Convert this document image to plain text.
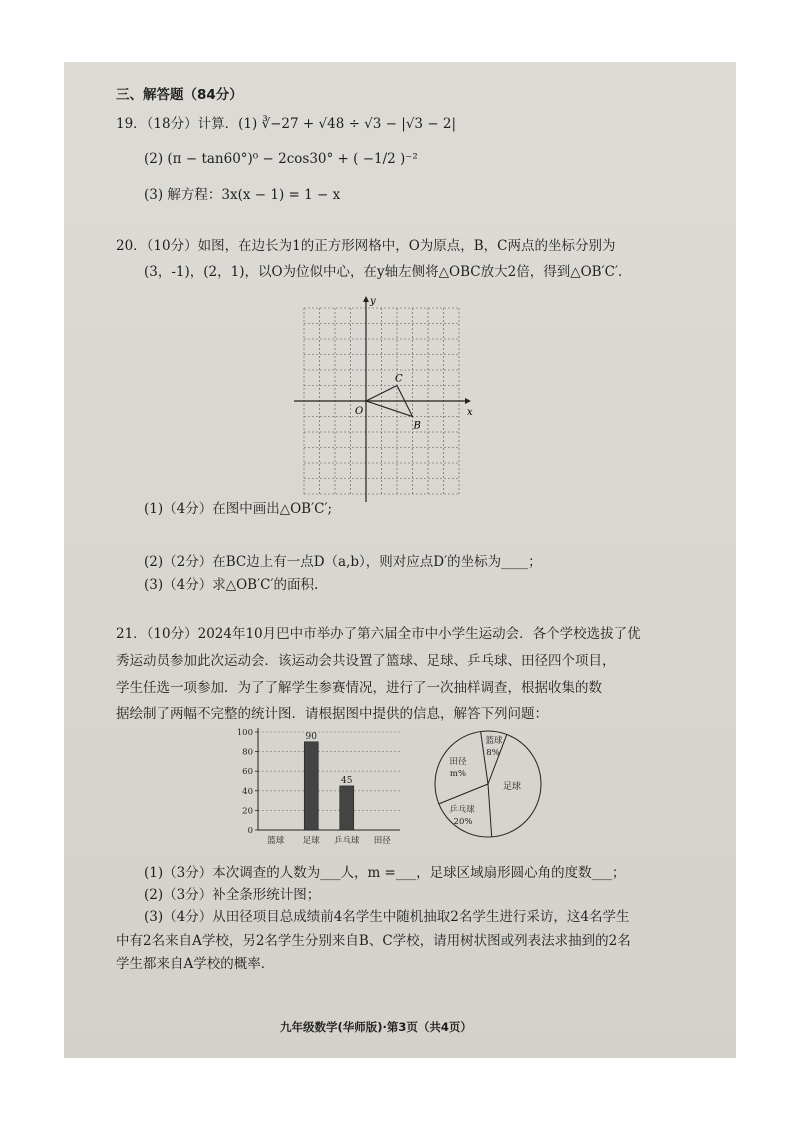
三、解答题（84分）
19．（18分）计算．(1) ∛−27 + √48 ÷ √3 − |√3 − 2|
(2) (π − tan60°)⁰ − 2cos30° + ( −1/2 )⁻²
(3) 解方程：3x(x − 1) = 1 − x
20．（10分）如图，在边长为1的正方形网格中，O为原点，B，C两点的坐标分别为
(3，-1)，(2，1)，以O为位似中心，在y轴左侧将△OBC放大2倍，得到△OB′C′.
x
y
O
B
C
(1)（4分）在图中画出△OB′C′;
(2)（2分）在BC边上有一点D（a,b），则对应点D′的坐标为____；
(3)（4分）求△OB′C′的面积.
21．（10分）2024年10月巴中市举办了第六届全市中小学生运动会．各个学校选拔了优
秀运动员参加此次运动会．该运动会共设置了篮球、足球、乒乓球、田径四个项目，
学生任选一项参加．为了了解学生参赛情况，进行了一次抽样调查，根据收集的数
据绘制了两幅不完整的统计图．请根据图中提供的信息，解答下列问题：
0
20
40
60
80
100	90
45
篮球 足球 乒乓球 田径
篮球
8%
足球
乒乓球
20%
田径
m%
(1)（3分）本次调查的人数为___人，m =___，足球区域扇形圆心角的度数___；
(2)（3分）补全条形统计图；
(3)（4分）从田径项目总成绩前4名学生中随机抽取2名学生进行采访，这4名学生
中有2名来自A学校，另2名学生分别来自B、C学校，请用树状图或列表法求抽到的2名
学生都来自A学校的概率．
九年级数学(华师版)·第3页（共4页）
